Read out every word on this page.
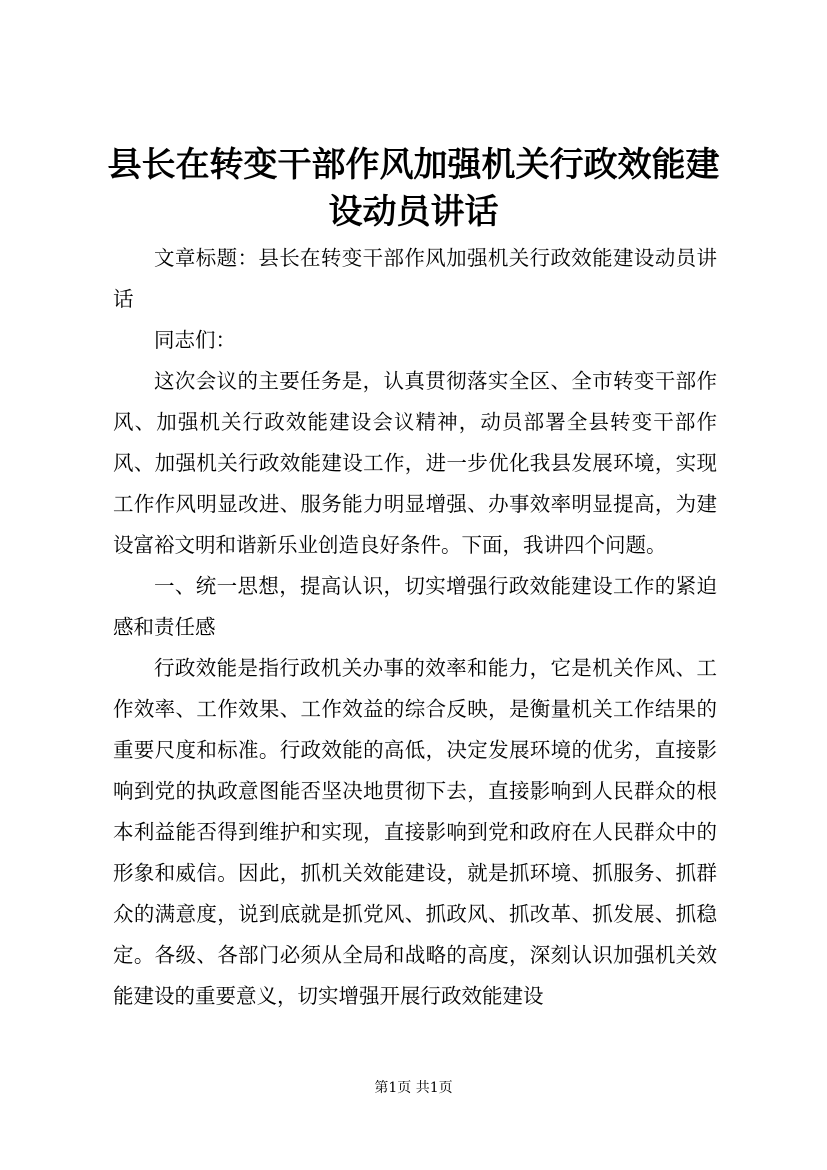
县长在转变干部作风加强机关行政效能建设动员讲话

文章标题：县长在转变干部作风加强机关行政效能建设动员讲话

同志们：

这次会议的主要任务是，认真贯彻落实全区、全市转变干部作风、加强机关行政效能建设会议精神，动员部署全县转变干部作风、加强机关行政效能建设工作，进一步优化我县发展环境，实现工作作风明显改进、服务能力明显增强、办事效率明显提高，为建设富裕文明和谐新乐业创造良好条件。下面，我讲四个问题。

一、统一思想，提高认识，切实增强行政效能建设工作的紧迫感和责任感

行政效能是指行政机关办事的效率和能力，它是机关作风、工作效率、工作效果、工作效益的综合反映，是衡量机关工作结果的重要尺度和标准。行政效能的高低，决定发展环境的优劣，直接影响到党的执政意图能否坚决地贯彻下去，直接影响到人民群众的根本利益能否得到维护和实现，直接影响到党和政府在人民群众中的形象和威信。因此，抓机关效能建设，就是抓环境、抓服务、抓群众的满意度，说到底就是抓党风、抓政风、抓改革、抓发展、抓稳定。各级、各部门必须从全局和战略的高度，深刻认识加强机关效能建设的重要意义，切实增强开展行政效能建设

第1页 共1页
